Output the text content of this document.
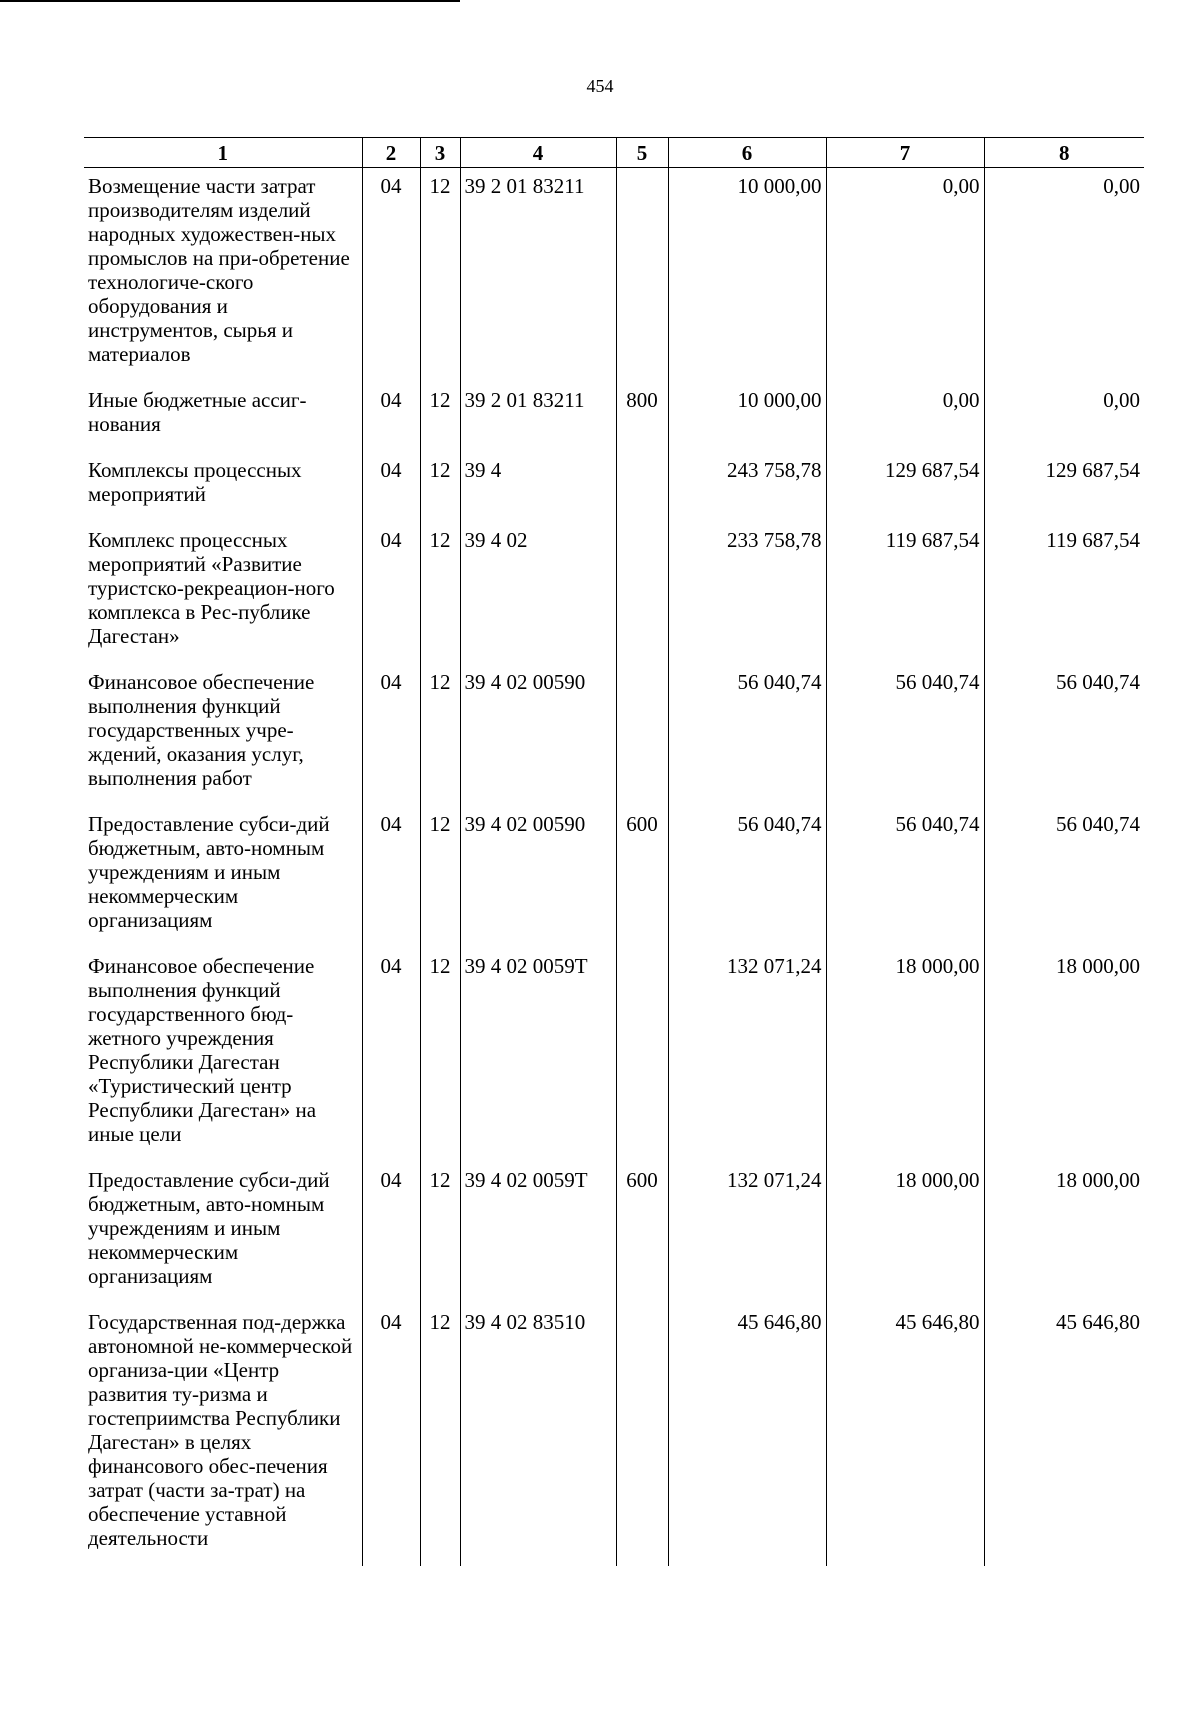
454
1	2	3	4	5	6	7	8
Возмещение части затрат производителям изделий народных художествен-ных промыслов на при-обретение технологиче-ского оборудования и инструментов, сырья и материалов	04	12	39 2 01 83211		10 000,00	0,00	0,00
Иные бюджетные ассиг-нования	04	12	39 2 01 83211	800	10 000,00	0,00	0,00
Комплексы процессных мероприятий	04	12	39 4		243 758,78	129 687,54	129 687,54
Комплекс процессных мероприятий «Развитие туристско-рекреацион-ного комплекса в Рес-публике Дагестан»	04	12	39 4 02		233 758,78	119 687,54	119 687,54
Финансовое обеспечение выполнения функций государственных учре-ждений, оказания услуг, выполнения работ	04	12	39 4 02 00590		56 040,74	56 040,74	56 040,74
Предоставление субси-дий бюджетным, авто-номным учреждениям и иным некоммерческим организациям	04	12	39 4 02 00590	600	56 040,74	56 040,74	56 040,74
Финансовое обеспечение выполнения функций государственного бюд-жетного учреждения Республики Дагестан «Туристический центр Республики Дагестан» на иные цели	04	12	39 4 02 0059Т		132 071,24	18 000,00	18 000,00
Предоставление субси-дий бюджетным, авто-номным учреждениям и иным некоммерческим организациям	04	12	39 4 02 0059Т	600	132 071,24	18 000,00	18 000,00
Государственная под-держка автономной не-коммерческой организа-ции «Центр развития ту-ризма и гостеприимства Республики Дагестан» в целях финансового обес-печения затрат (части за-трат) на обеспечение уставной деятельности	04	12	39 4 02 83510		45 646,80	45 646,80	45 646,80
